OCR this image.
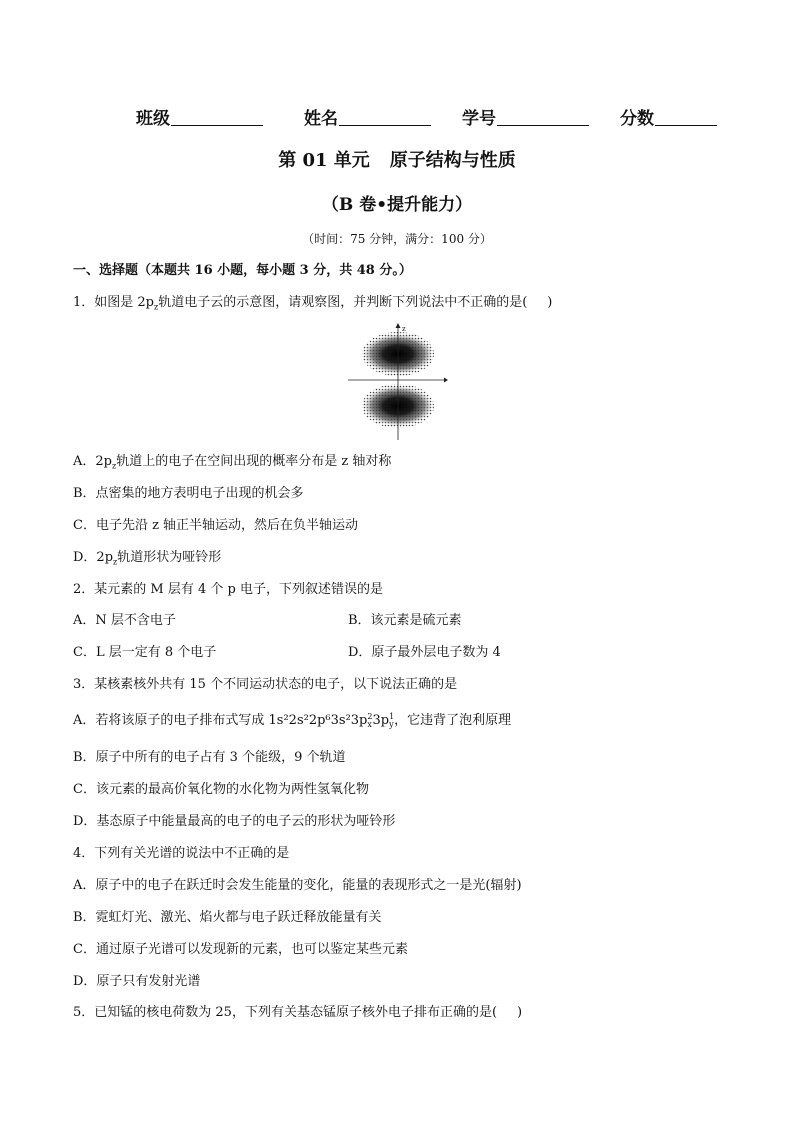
班级	姓名	学号	分数
第 01 单元 原子结构与性质
（B 卷•提升能力）
（时间：75 分钟，满分：100 分）
一、选择题（本题共 16 小题，每小题 3 分，共 48 分。）
1．如图是 $2p_z$轨道电子云的示意图，请观察图，并判断下列说法中不正确的是( )
z
A．$2p_z$轨道上的电子在空间出现的概率分布是 z 轴对称
B．点密集的地方表明电子出现的机会多
C．电子先沿 z 轴正半轴运动，然后在负半轴运动
D．$2p_z$轨道形状为哑铃形
2．某元素的 M 层有 4 个 p 电子，下列叙述错误的是
A．N 层不含电子	B．该元素是硫元素
C．L 层一定有 8 个电子	D．原子最外层电子数为 4
3．某核素核外共有 15 个不同运动状态的电子，以下说法正确的是
A．若将该原子的电子排布式写成 1s²2s²2p⁶3s²3p2
x3p1
y，它违背了泡利原理
B．原子中所有的电子占有 3 个能级，9 个轨道
C．该元素的最高价氧化物的水化物为两性氢氧化物
D．基态原子中能量最高的电子的电子云的形状为哑铃形
4．下列有关光谱的说法中不正确的是
A．原子中的电子在跃迁时会发生能量的变化，能量的表现形式之一是光(辐射)
B．霓虹灯光、激光、焰火都与电子跃迁释放能量有关
C．通过原子光谱可以发现新的元素，也可以鉴定某些元素
D．原子只有发射光谱
5．已知锰的核电荷数为 25，下列有关基态锰原子核外电子排布正确的是( )
